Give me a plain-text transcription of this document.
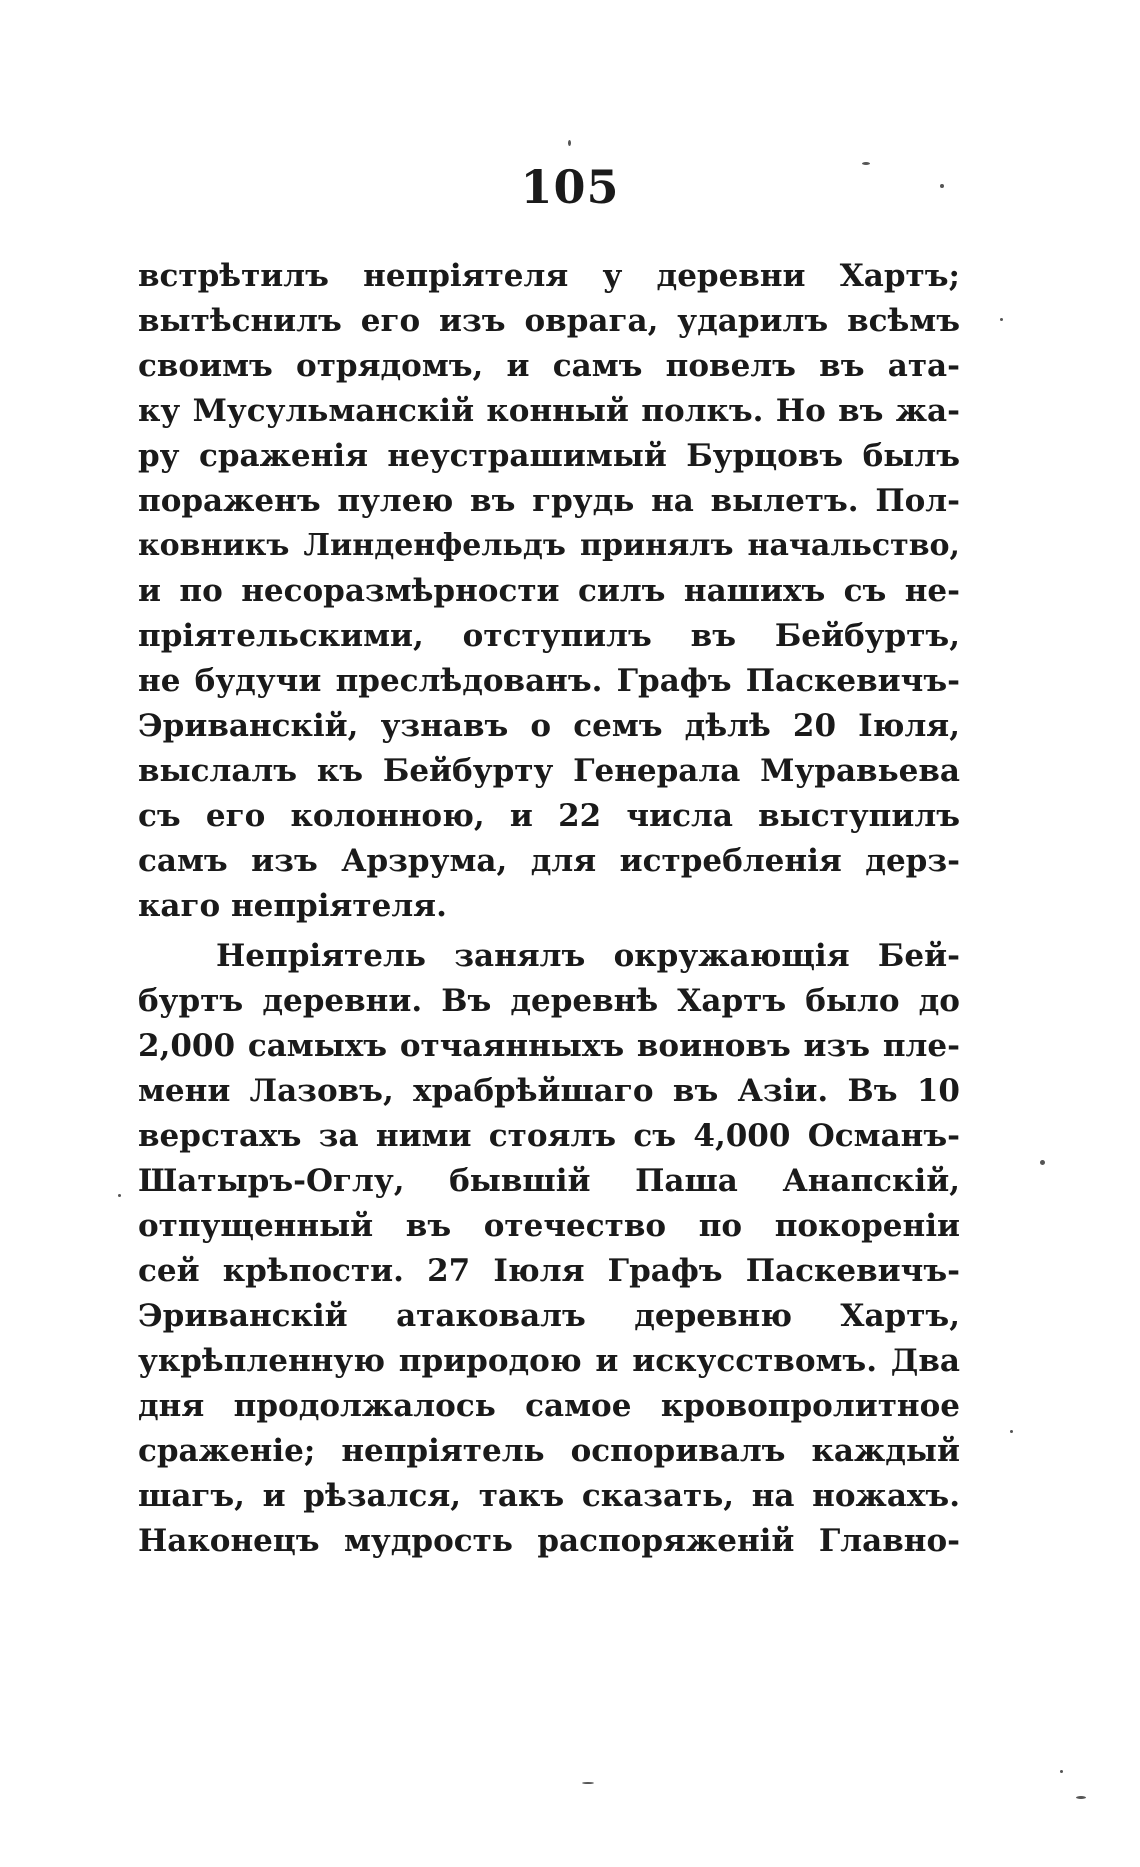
105
встрѣтилъ непріятеля у деревни Хартъ;
вытѣснилъ его изъ оврага, ударилъ всѣмъ
своимъ отрядомъ, и самъ повелъ въ ата-
ку Мусульманскій конный полкъ. Но въ жа-
ру сраженія неустрашимый Бурцовъ былъ
пораженъ пулею въ грудь на вылетъ. Пол-
ковникъ Линденфельдъ принялъ начальство,
и по несоразмѣрности силъ нашихъ съ не-
пріятельскими, отступилъ въ Бейбуртъ,
не будучи преслѣдованъ. Графъ Паскевичъ-
Эриванскій, узнавъ о семъ дѣлѣ 20 Іюля,
выслалъ къ Бейбурту Генерала Муравьева
съ его колонною, и 22 числа выступилъ
самъ изъ Арзрума, для истребленія дерз-
каго непріятеля.
Непріятель занялъ окружающія Бей-
буртъ деревни. Въ деревнѣ Хартъ было до
2,000 самыхъ отчаянныхъ воиновъ изъ пле-
мени Лазовъ, храбрѣйшаго въ Азіи. Въ 10
верстахъ за ними стоялъ съ 4,000 Османъ-
Шатыръ-Оглу, бывшій Паша Анапскій,
отпущенный въ отечество по покореніи
сей крѣпости. 27 Іюля Графъ Паскевичъ-
Эриванскій атаковалъ деревню Хартъ,
укрѣпленную природою и искусствомъ. Два
дня продолжалось самое кровопролитное
сраженіе; непріятель оспоривалъ каждый
шагъ, и рѣзался, такъ сказать, на ножахъ.
Наконецъ мудрость распоряженій Главно-
